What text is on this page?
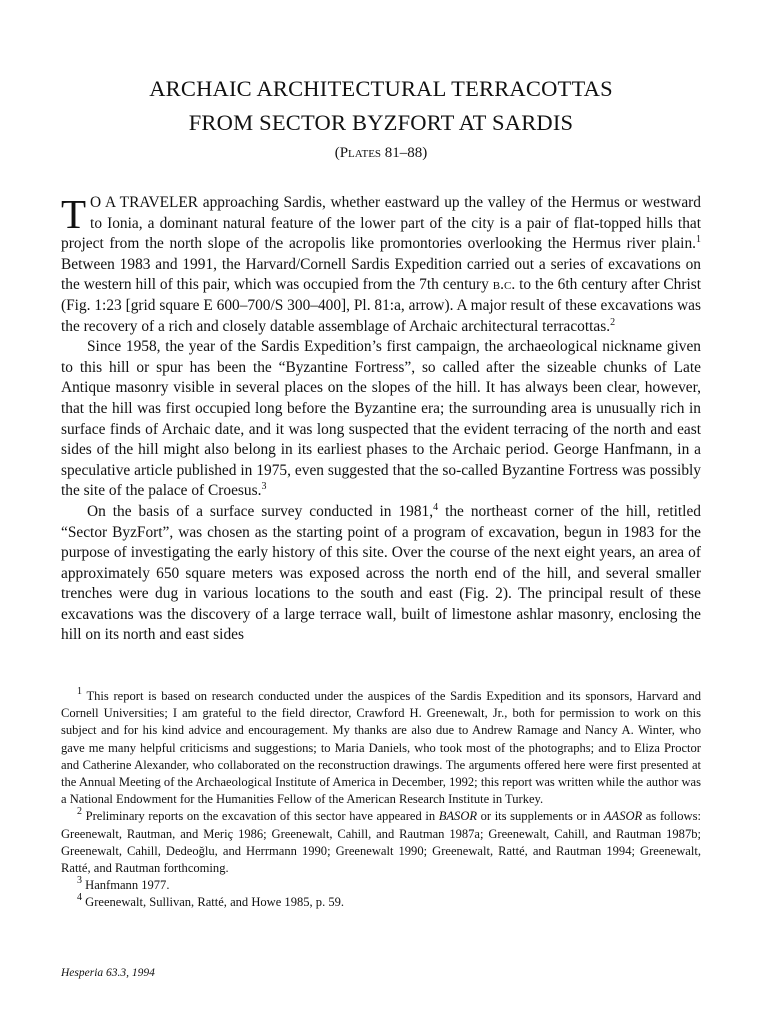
ARCHAIC ARCHITECTURAL TERRACOTTAS
FROM SECTOR BYZFORT AT SARDIS
(Plates 81–88)

T O A TRAVELER approaching Sardis, whether eastward up the valley of the Hermus or westward to Ionia, a dominant natural feature of the lower part of the city is a pair of flat-topped hills that project from the north slope of the acropolis like promontories overlooking the Hermus river plain.$^1$ Between 1983 and 1991, the Harvard/Cornell Sardis Expedition carried out a series of excavations on the western hill of this pair, which was occupied from the 7th century b.c. to the 6th century after Christ (Fig. 1:23 [grid square E 600–700/S 300–400], Pl. 81:a, arrow). A major result of these excavations was the recovery of a rich and closely datable assemblage of Archaic architectural terracottas.$^2$

Since 1958, the year of the Sardis Expedition’s first campaign, the archaeological nickname given to this hill or spur has been the “Byzantine Fortress”, so called after the sizeable chunks of Late Antique masonry visible in several places on the slopes of the hill. It has always been clear, however, that the hill was first occupied long before the Byzantine era; the surrounding area is unusually rich in surface finds of Archaic date, and it was long suspected that the evident terracing of the north and east sides of the hill might also belong in its earliest phases to the Archaic period. George Hanfmann, in a speculative article published in 1975, even suggested that the so-called Byzantine Fortress was possibly the site of the palace of Croesus.$^3$

On the basis of a surface survey conducted in 1981,$^4$ the northeast corner of the hill, retitled “Sector ByzFort”, was chosen as the starting point of a program of excavation, begun in 1983 for the purpose of investigating the early history of this site. Over the course of the next eight years, an area of approximately 650 square meters was exposed across the north end of the hill, and several smaller trenches were dug in various locations to the south and east (Fig. 2). The principal result of these excavations was the discovery of a large terrace wall, built of limestone ashlar masonry, enclosing the hill on its north and east sides

$^1$ This report is based on research conducted under the auspices of the Sardis Expedition and its sponsors, Harvard and Cornell Universities; I am grateful to the field director, Crawford H. Greenewalt, Jr., both for permission to work on this subject and for his kind advice and encouragement. My thanks are also due to Andrew Ramage and Nancy A. Winter, who gave me many helpful criticisms and suggestions; to Maria Daniels, who took most of the photographs; and to Eliza Proctor and Catherine Alexander, who collaborated on the reconstruction drawings. The arguments offered here were first presented at the Annual Meeting of the Archaeological Institute of America in December, 1992; this report was written while the author was a National Endowment for the Humanities Fellow of the American Research Institute in Turkey.

$^2$ Preliminary reports on the excavation of this sector have appeared in BASOR or its supplements or in AASOR as follows: Greenewalt, Rautman, and Meriç 1986; Greenewalt, Cahill, and Rautman 1987a; Greenewalt, Cahill, and Rautman 1987b; Greenewalt, Cahill, Dedeoğlu, and Herrmann 1990; Greenewalt 1990; Greenewalt, Ratté, and Rautman 1994; Greenewalt, Ratté, and Rautman forthcoming.

$^3$ Hanfmann 1977.

$^4$ Greenewalt, Sullivan, Ratté, and Howe 1985, p. 59.

Hesperia 63.3, 1994
